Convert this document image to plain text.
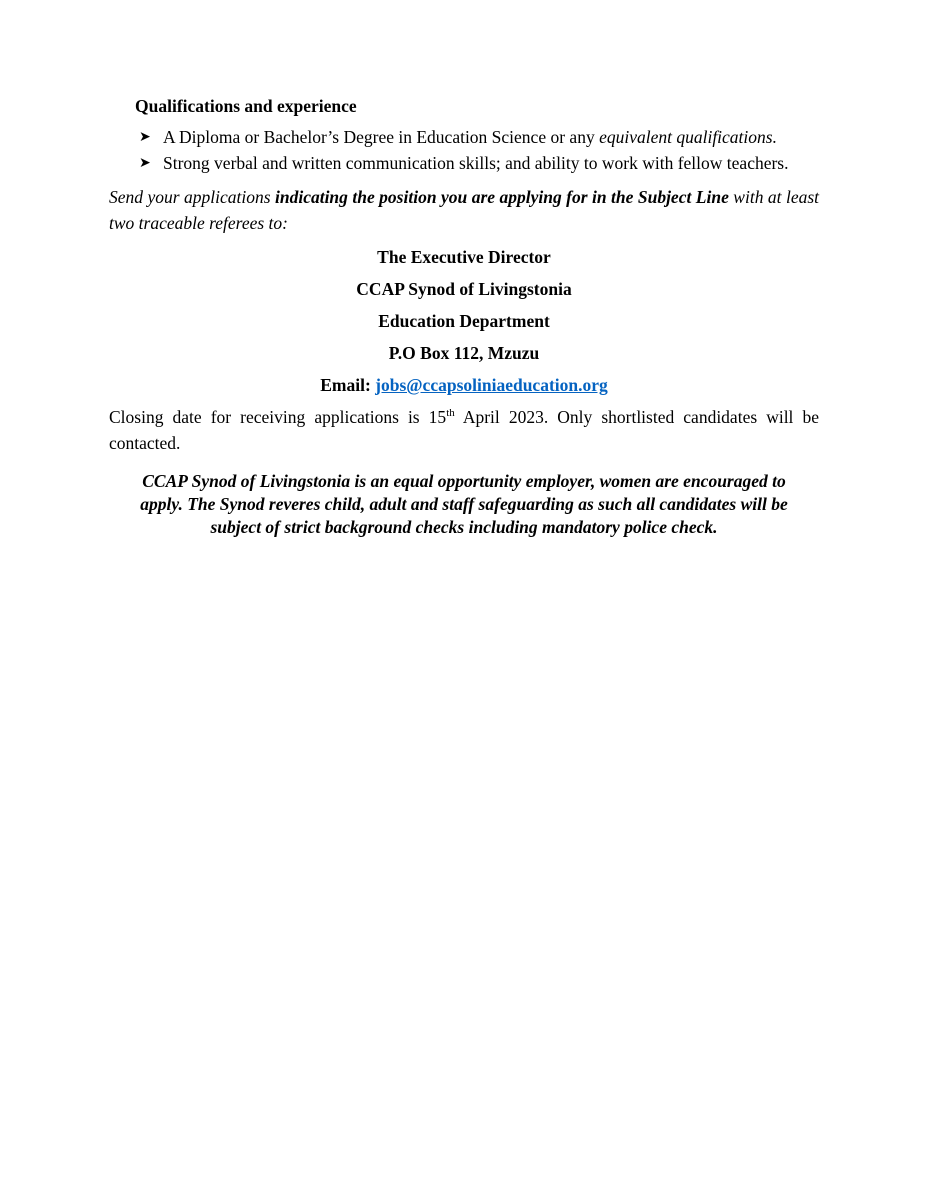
Qualifications and experience
➤ A Diploma or Bachelor’s Degree in Education Science or any equivalent qualifications.
➤ Strong verbal and written communication skills; and ability to work with fellow teachers.
Send your applications indicating the position you are applying for in the Subject Line with at least two traceable referees to:
The Executive Director
CCAP Synod of Livingstonia
Education Department
P.O Box 112, Mzuzu
Email: jobs@ccapsoliniaeducation.org
Closing date for receiving applications is 15th April 2023. Only shortlisted candidates will be contacted.
CCAP Synod of Livingstonia is an equal opportunity employer, women are encouraged to
apply. The Synod reveres child, adult and staff safeguarding as such all candidates will be
subject of strict background checks including mandatory police check.
